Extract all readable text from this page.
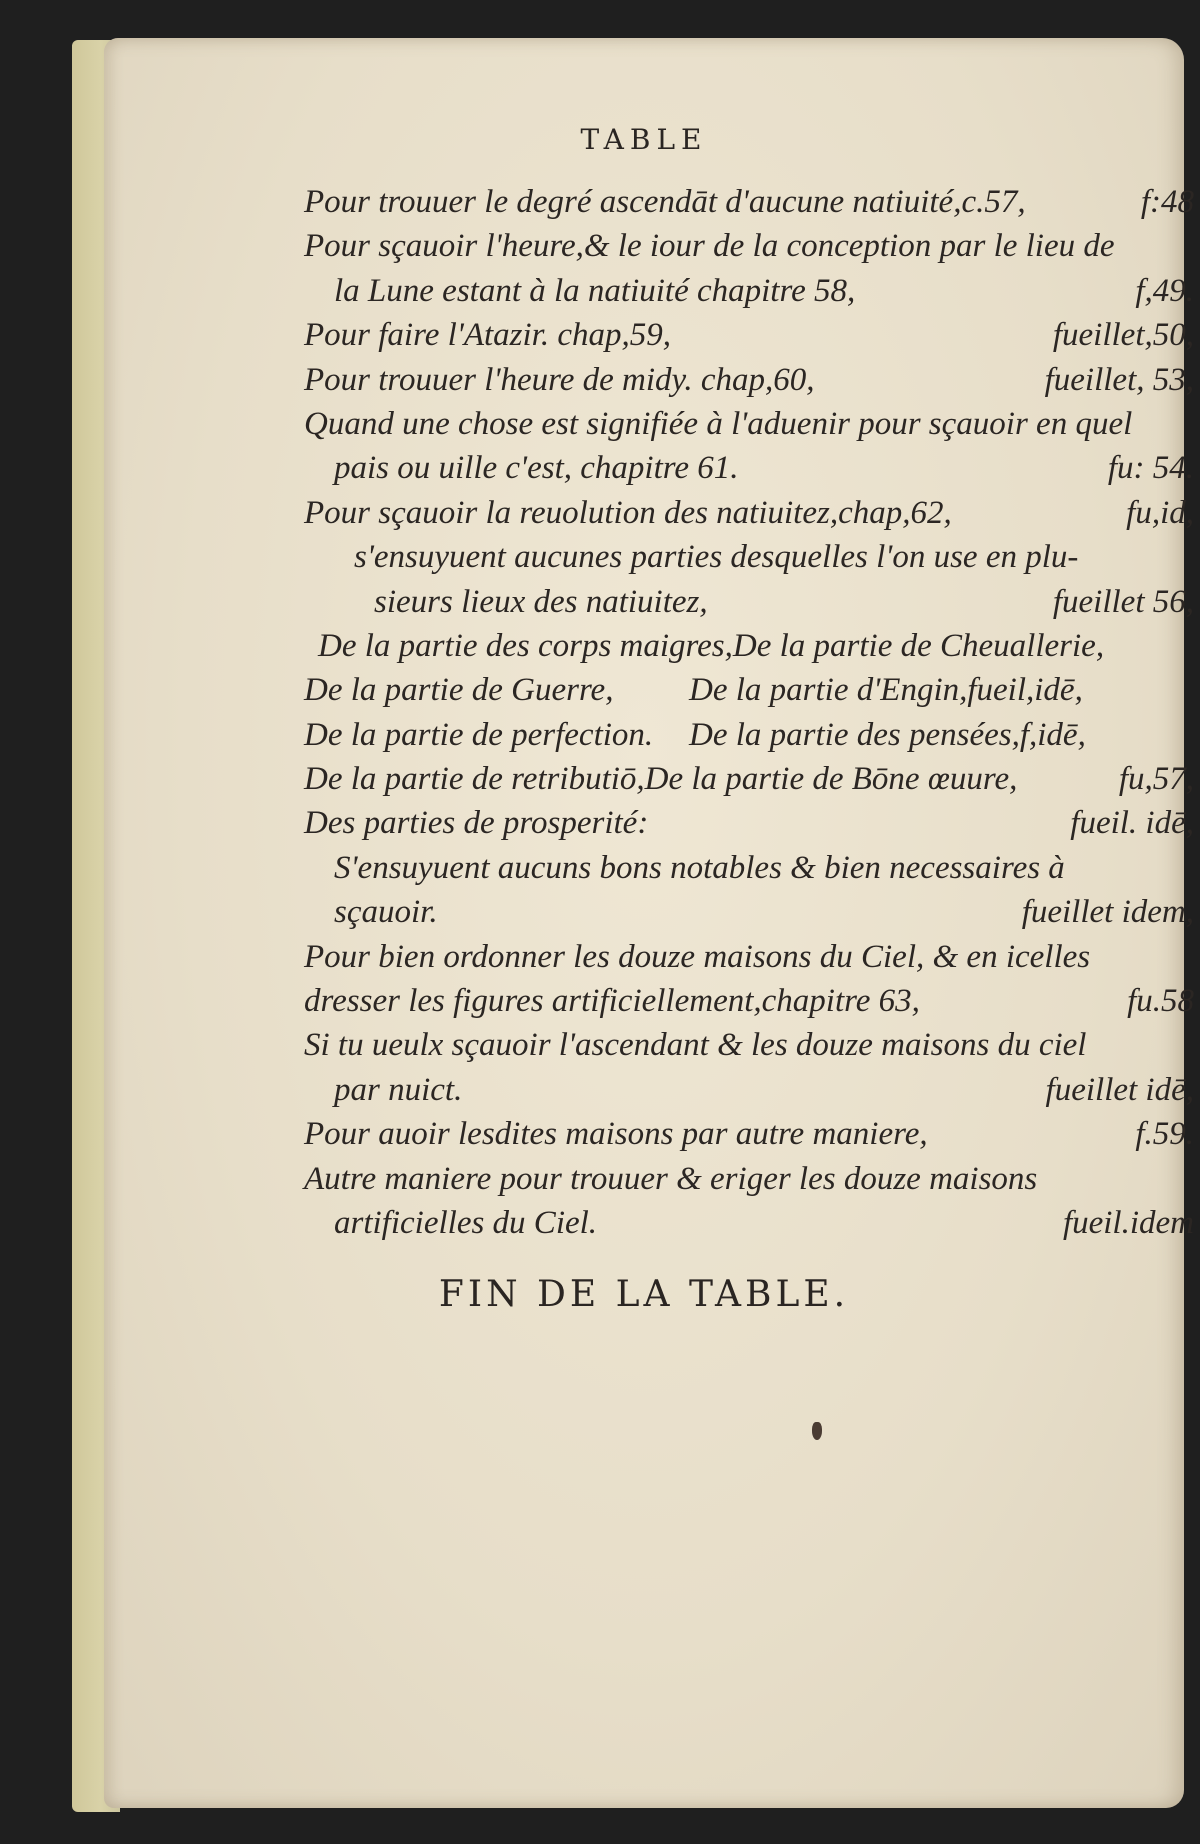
TABLE
Pour trouuer le degré ascendāt d'aucune natiuité,c.57,	f:48
Pour sçauoir l'heure,& le iour de la conception par le lieu de
la Lune estant à la natiuité chapitre 58,	f,49.
Pour faire l'Atazir. chap,59,	fueillet,50,
Pour trouuer l'heure de midy. chap,60,	fueillet, 53,
Quand une chose est signifiée à l'aduenir pour sçauoir en quel
pais ou uille c'est, chapitre 61.	fu: 54.
Pour sçauoir la reuolution des natiuitez,chap,62,	fu,id,
s'ensuyuent aucunes parties desquelles l'on use en plu-
sieurs lieux des natiuitez,	fueillet 56,
De la partie des corps maigres,De la partie de Cheuallerie,
De la partie de Guerre, De la partie d'Engin,fueil,idē,
De la partie de perfection. De la partie des pensées,f,idē,
De la partie de retributiō,De la partie de Bōne œuure,	fu,57,
Des parties de prosperité:	fueil. idē,
S'ensuyuent aucuns bons notables & bien necessaires à
sçauoir.	fueillet idem,
Pour bien ordonner les douze maisons du Ciel, & en icelles
dresser les figures artificiellement,chapitre 63,	fu.58
Si tu ueulx sçauoir l'ascendant & les douze maisons du ciel
par nuict.	fueillet idē,
Pour auoir lesdites maisons par autre maniere,	f.59.
Autre maniere pour trouuer & eriger les douze maisons
artificielles du Ciel.	fueil.idem
FIN DE LA TABLE.
